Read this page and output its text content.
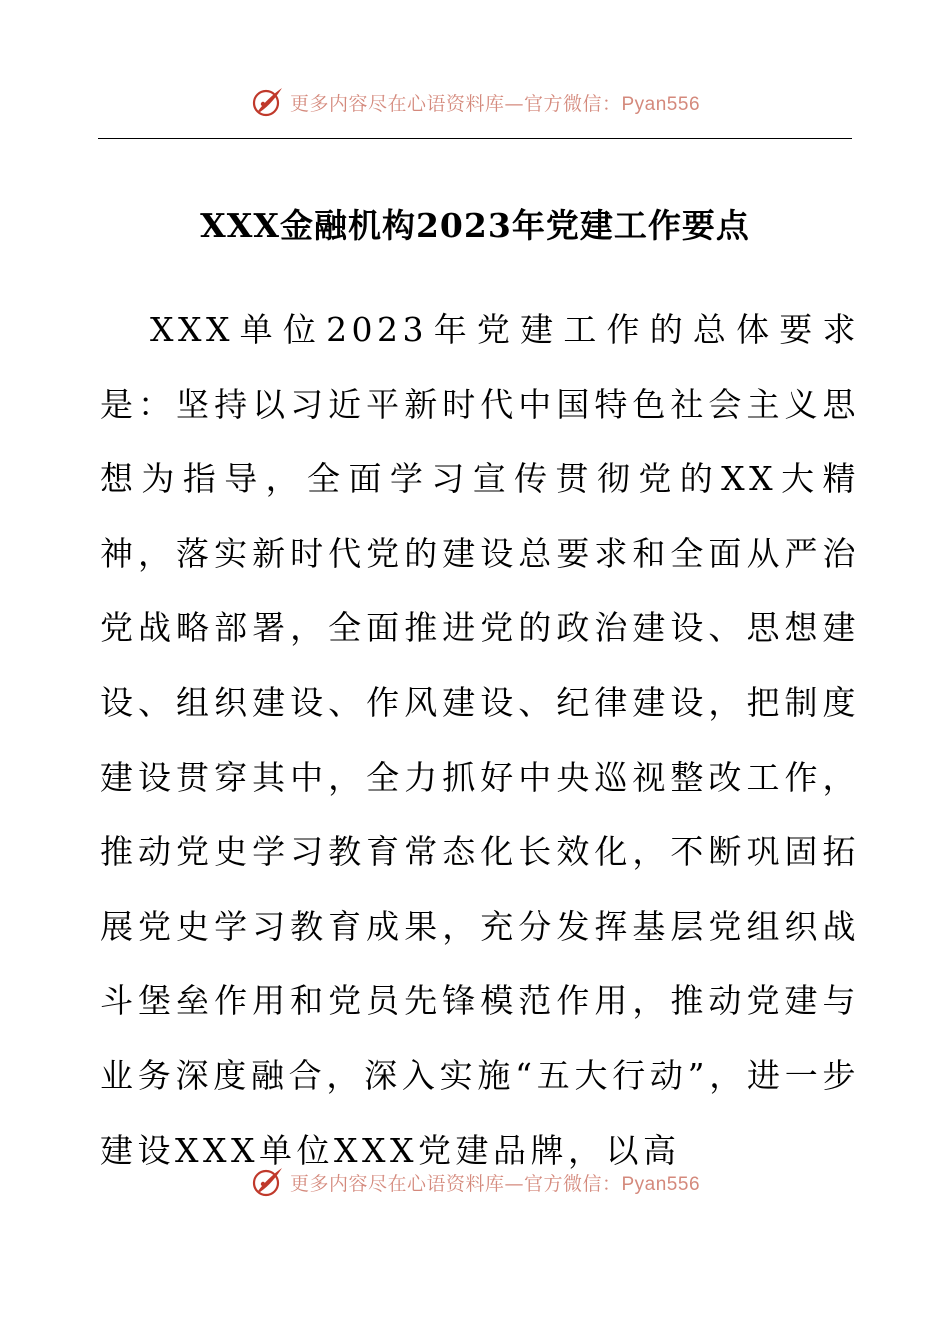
更多内容尽在心语资料库—官方微信：Pyan556
XXX金融机构2023年党建工作要点

XXX单位2023年党建工作的总体要求是：坚持以习近平新时代中国特色社会主义思想为指导，全面学习宣传贯彻党的XX大精神，落实新时代党的建设总要求和全面从严治党战略部署，全面推进党的政治建设、思想建设、组织建设、作风建设、纪律建设，把制度建设贯穿其中，全力抓好中央巡视整改工作，推动党史学习教育常态化长效化，不断巩固拓展党史学习教育成果，充分发挥基层党组织战斗堡垒作用和党员先锋模范作用，推动党建与业务深度融合，深入实施“五大行动”，进一步建设XXX单位XXX党建品牌，以高

更多内容尽在心语资料库—官方微信：Pyan556
